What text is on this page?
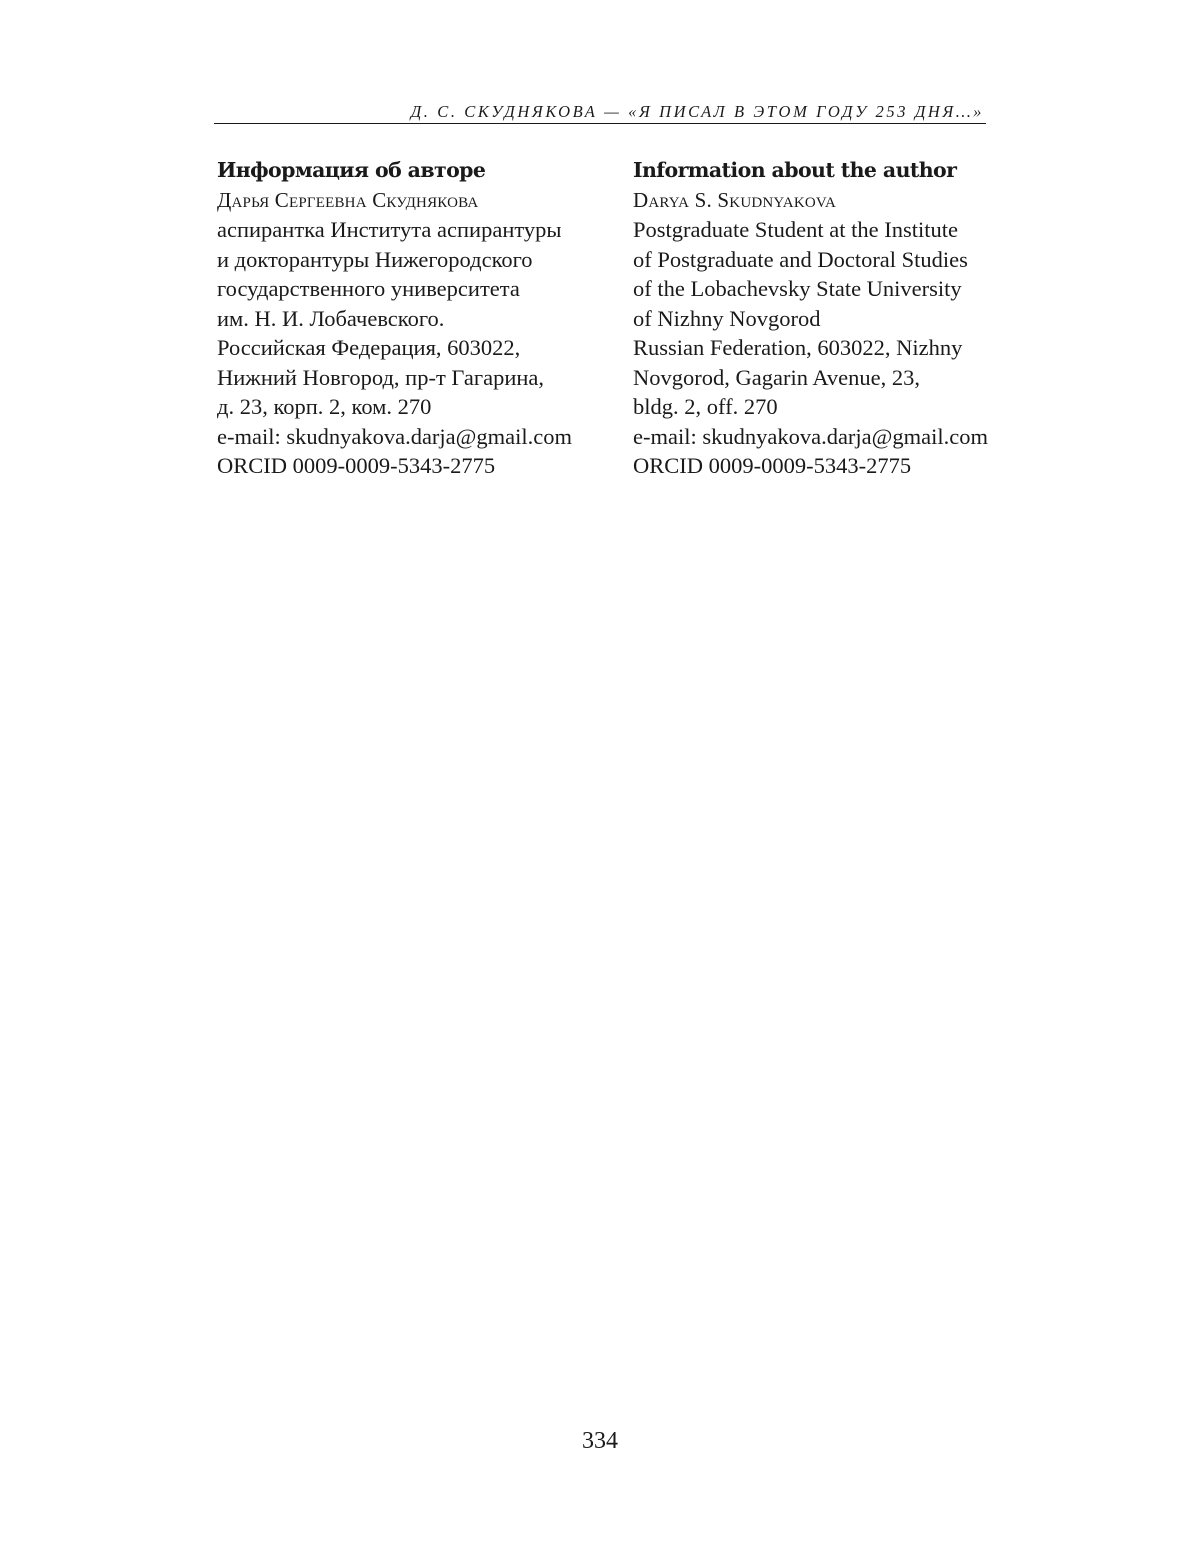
Д. С. СКУДНЯКОВА — «Я ПИСАЛ В ЭТОМ ГОДУ 253 ДНЯ…»
Информация об авторе
Дарья Сергеевна Скуднякова
аспирантка Института аспирантуры
и докторантуры Нижегородского
государственного университета
им. Н. И. Лобачевского.
Российская Федерация, 603022,
Нижний Новгород, пр-т Гагарина,
д. 23, корп. 2, ком. 270
e-mail: skudnyakova.darja@gmail.com
ORCID 0009-0009-5343-2775
Information about the author
Darya S. Skudnyakova
Postgraduate Student at the Institute
of Postgraduate and Doctoral Studies
of the Lobachevsky State University
of Nizhny Novgorod
Russian Federation, 603022, Nizhny
Novgorod, Gagarin Avenue, 23,
bldg. 2, off. 270
e-mail: skudnyakova.darja@gmail.com
ORCID 0009-0009-5343-2775
334
